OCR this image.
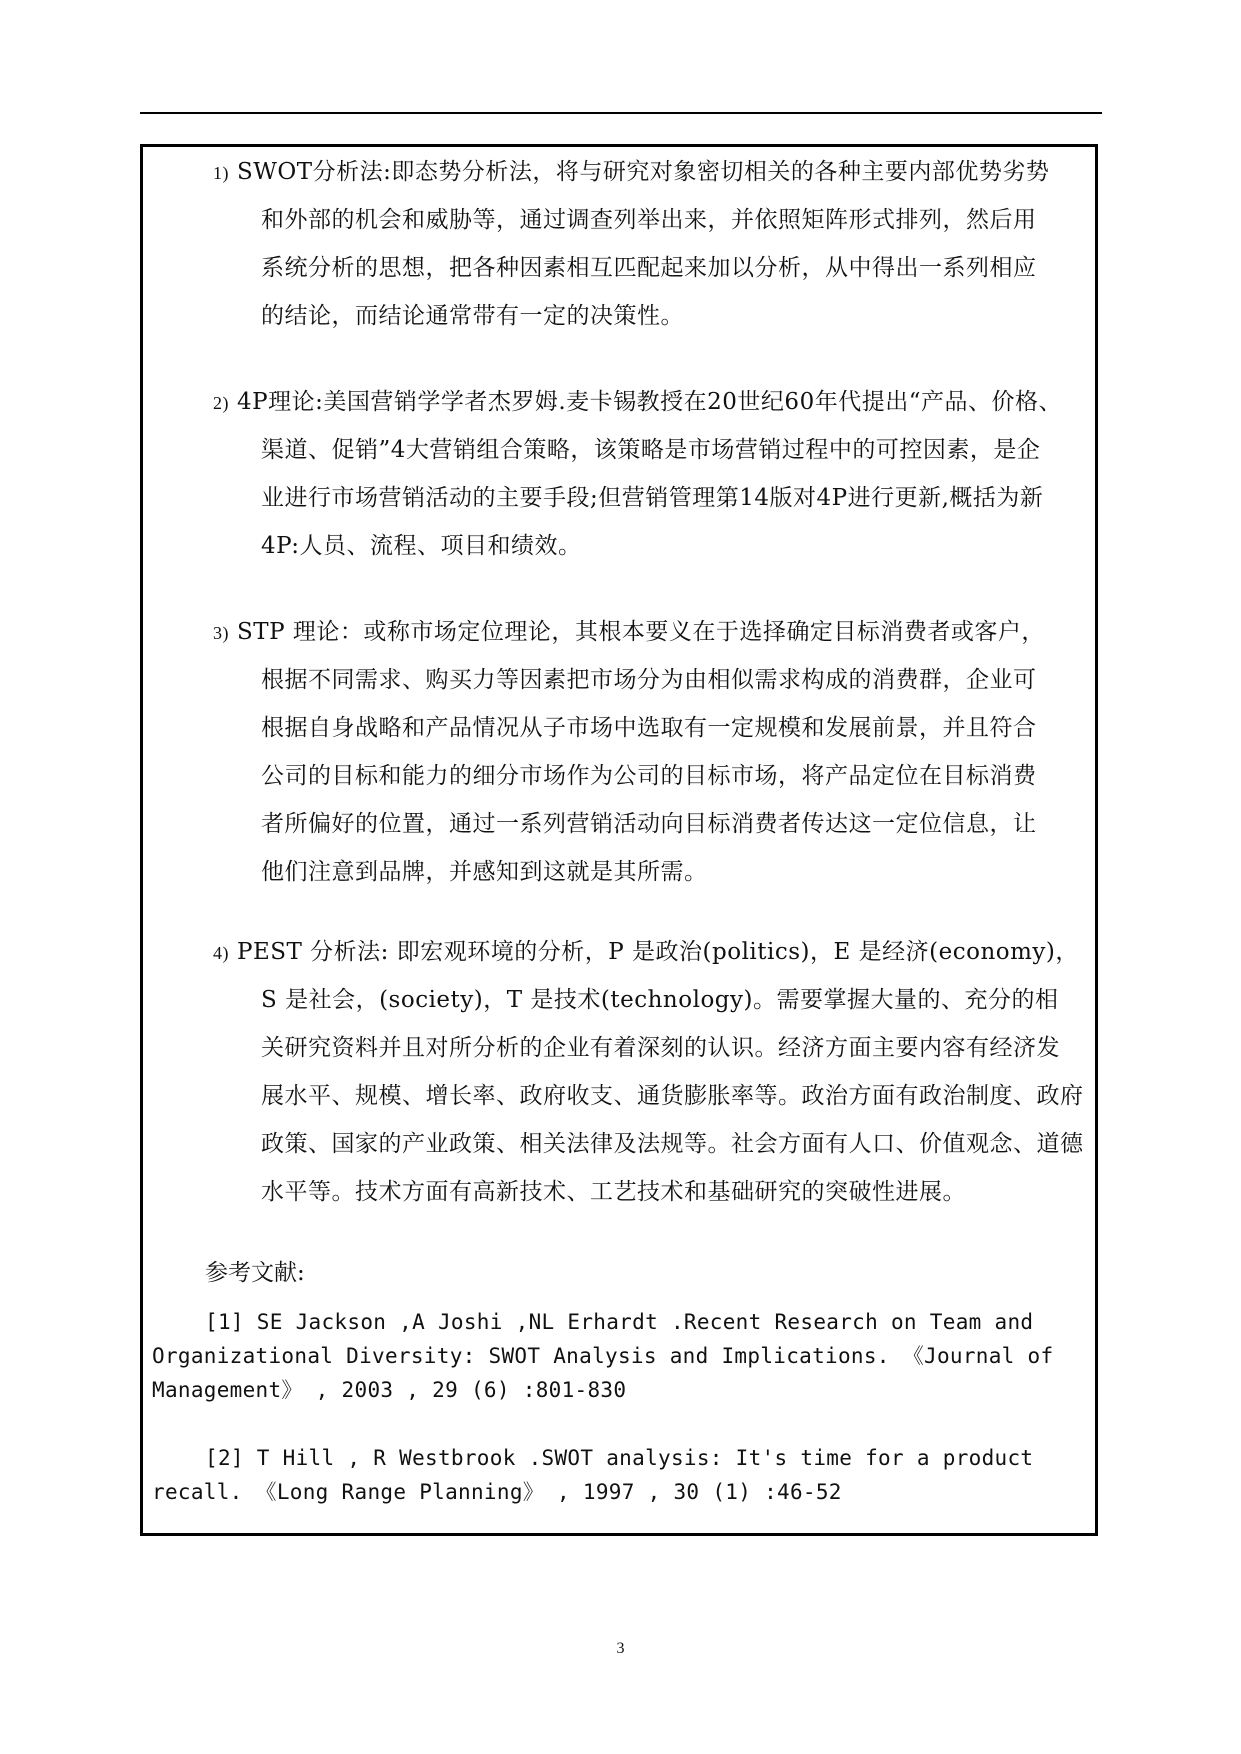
1) SWOT分析法:即态势分析法，将与研究对象密切相关的各种主要内部优势劣势
和外部的机会和威胁等，通过调查列举出来，并依照矩阵形式排列，然后用
系统分析的思想，把各种因素相互匹配起来加以分析，从中得出一系列相应
的结论，而结论通常带有一定的决策性。
2) 4P理论:美国营销学学者杰罗姆.麦卡锡教授在20世纪60年代提出“产品、价格、
渠道、促销”4大营销组合策略，该策略是市场营销过程中的可控因素，是企
业进行市场营销活动的主要手段;但营销管理第14版对4P进行更新,概括为新
4P:人员、流程、项目和绩效。
3) STP 理论：或称市场定位理论，其根本要义在于选择确定目标消费者或客户，
根据不同需求、购买力等因素把市场分为由相似需求构成的消费群，企业可
根据自身战略和产品情况从子市场中选取有一定规模和发展前景，并且符合
公司的目标和能力的细分市场作为公司的目标市场，将产品定位在目标消费
者所偏好的位置，通过一系列营销活动向目标消费者传达这一定位信息，让
他们注意到品牌，并感知到这就是其所需。
4) PEST 分析法: 即宏观环境的分析，P 是政治(politics)，E 是经济(economy)，
S 是社会，(society)，T 是技术(technology)。需要掌握大量的、充分的相
关研究资料并且对所分析的企业有着深刻的认识。经济方面主要内容有经济发
展水平、规模、增长率、政府收支、通货膨胀率等。政治方面有政治制度、政府
政策、国家的产业政策、相关法律及法规等。社会方面有人口、价值观念、道德
水平等。技术方面有高新技术、工艺技术和基础研究的突破性进展。
参考文献:
[1] SE Jackson ,A Joshi ,NL Erhardt .Recent Research on Team and
Organizational Diversity: SWOT Analysis and Implications. 《Journal of
Management》 , 2003 , 29 (6) :801-830
[2] T Hill , R Westbrook .SWOT analysis: It's time for a product
recall. 《Long Range Planning》 , 1997 , 30 (1) :46-52
3
